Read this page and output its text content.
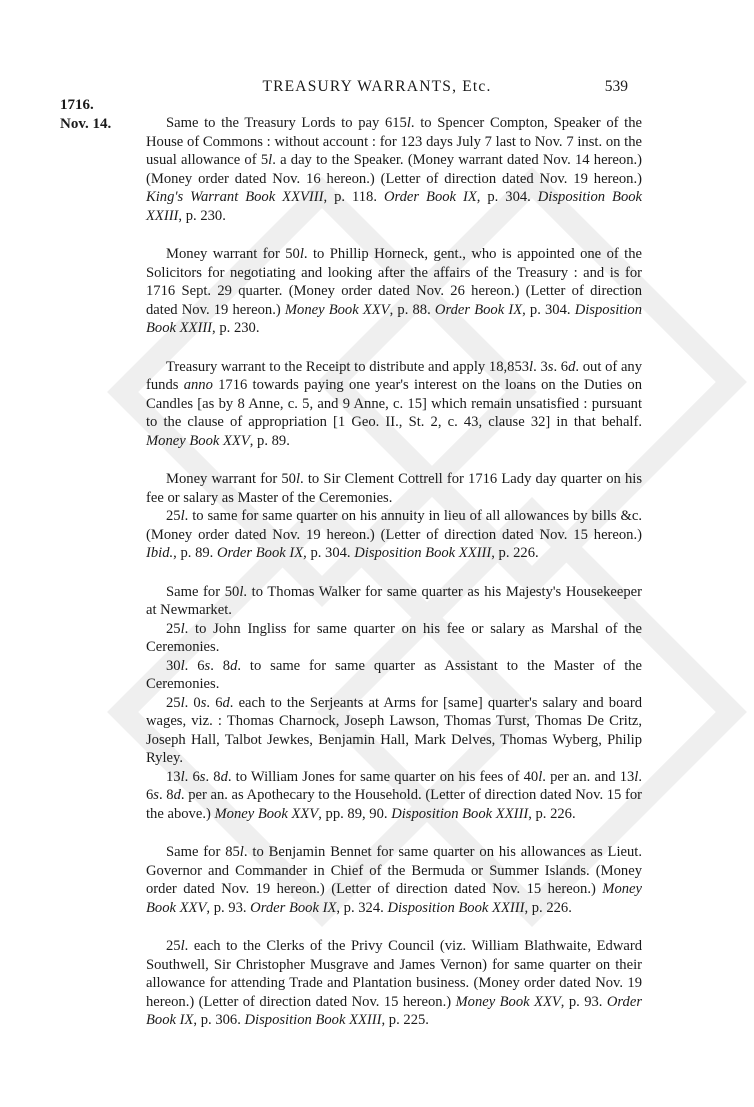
TREASURY WARRANTS, Etc.	539
1716.
Nov. 14.	Same to the Treasury Lords to pay 615l. to Spencer Compton, Speaker of the House of Commons : without account : for 123 days July 7 last to Nov. 7 inst. on the usual allowance of 5l. a day to the Speaker. (Money warrant dated Nov. 14 hereon.) (Money order dated Nov. 16 hereon.) (Letter of direction dated Nov. 19 hereon.) King's Warrant Book XXVIII, p. 118. Order Book IX, p. 304. Disposition Book XXIII, p. 230.

Money warrant for 50l. to Phillip Horneck, gent., who is appointed one of the Solicitors for negotiating and looking after the affairs of the Treasury : and is for 1716 Sept. 29 quarter. (Money order dated Nov. 26 hereon.) (Letter of direction dated Nov. 19 hereon.) Money Book XXV, p. 88. Order Book IX, p. 304. Disposition Book XXIII, p. 230.

Treasury warrant to the Receipt to distribute and apply 18,853l. 3s. 6d. out of any funds anno 1716 towards paying one year's interest on the loans on the Duties on Candles [as by 8 Anne, c. 5, and 9 Anne, c. 15] which remain unsatisfied : pursuant to the clause of appropriation [1 Geo. II., St. 2, c. 43, clause 32] in that behalf. Money Book XXV, p. 89.

Money warrant for 50l. to Sir Clement Cottrell for 1716 Lady day quarter on his fee or salary as Master of the Ceremonies.

25l. to same for same quarter on his annuity in lieu of all allowances by bills &c. (Money order dated Nov. 19 hereon.) (Letter of direction dated Nov. 15 hereon.) Ibid., p. 89. Order Book IX, p. 304. Disposition Book XXIII, p. 226.

Same for 50l. to Thomas Walker for same quarter as his Majesty's Housekeeper at Newmarket.

25l. to John Ingliss for same quarter on his fee or salary as Marshal of the Ceremonies.

30l. 6s. 8d. to same for same quarter as Assistant to the Master of the Ceremonies.

25l. 0s. 6d. each to the Serjeants at Arms for [same] quarter's salary and board wages, viz. : Thomas Charnock, Joseph Lawson, Thomas Turst, Thomas De Critz, Joseph Hall, Talbot Jewkes, Benjamin Hall, Mark Delves, Thomas Wyberg, Philip Ryley.

13l. 6s. 8d. to William Jones for same quarter on his fees of 40l. per an. and 13l. 6s. 8d. per an. as Apothecary to the Household. (Letter of direction dated Nov. 15 for the above.) Money Book XXV, pp. 89, 90. Disposition Book XXIII, p. 226.

Same for 85l. to Benjamin Bennet for same quarter on his allowances as Lieut. Governor and Commander in Chief of the Bermuda or Summer Islands. (Money order dated Nov. 19 hereon.) (Letter of direction dated Nov. 15 hereon.) Money Book XXV, p. 93. Order Book IX, p. 324. Disposition Book XXIII, p. 226.

25l. each to the Clerks of the Privy Council (viz. William Blathwaite, Edward Southwell, Sir Christopher Musgrave and James Vernon) for same quarter on their allowance for attending Trade and Plantation business. (Money order dated Nov. 19 hereon.) (Letter of direction dated Nov. 15 hereon.) Money Book XXV, p. 93. Order Book IX, p. 306. Disposition Book XXIII, p. 225.
